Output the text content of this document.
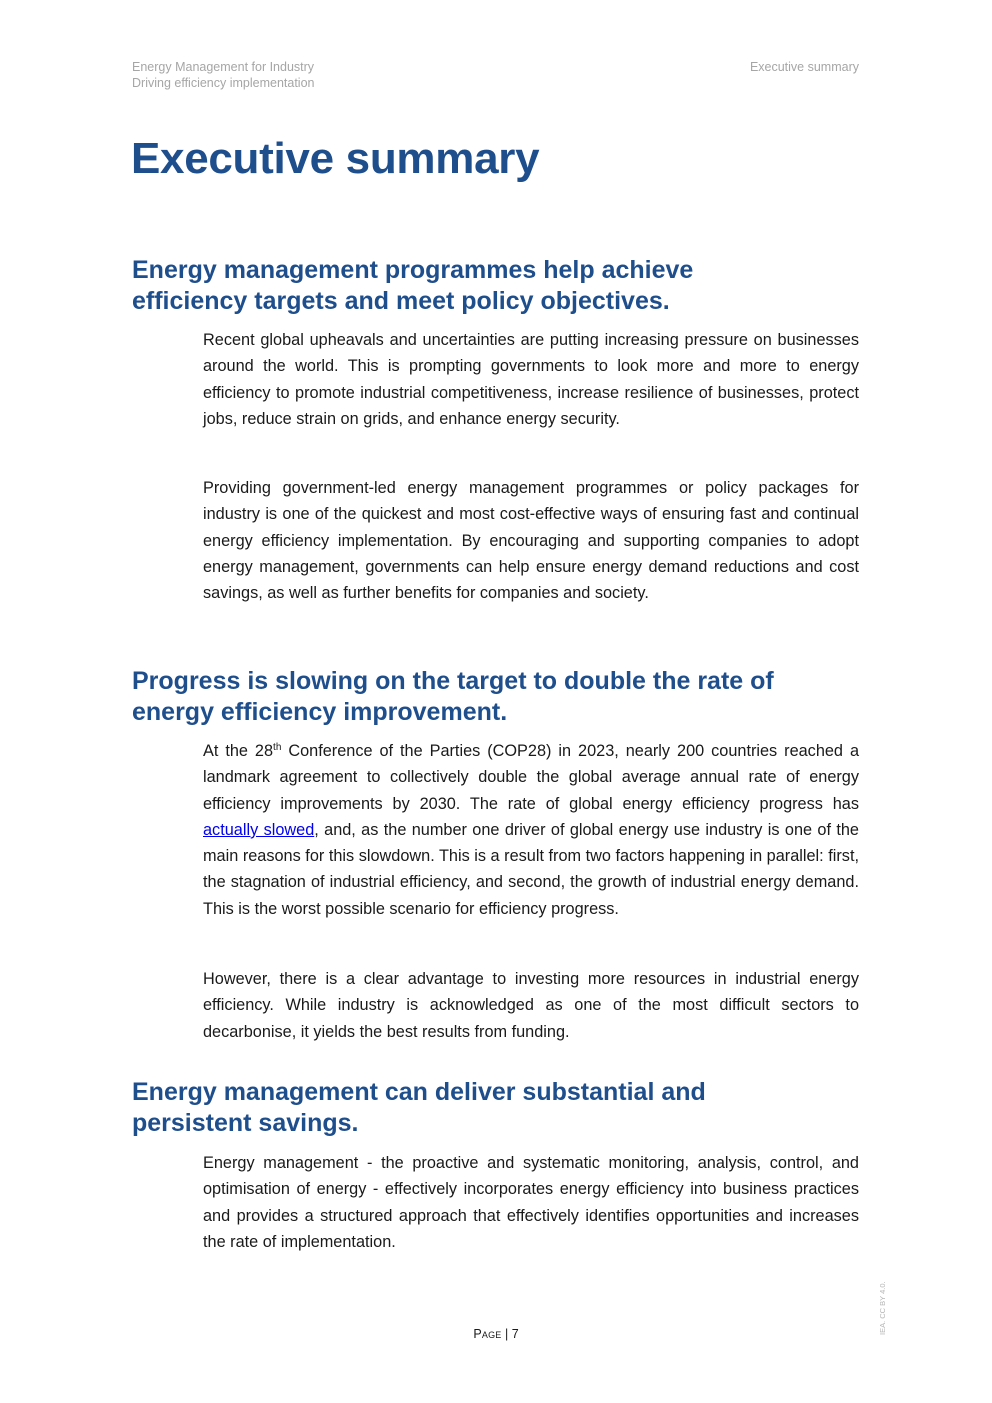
Energy Management for Industry
Driving efficiency implementation
Executive summary
Executive summary
Energy management programmes help achieve
efficiency targets and meet policy objectives.

Recent global upheavals and uncertainties are putting increasing pressure on businesses around the world. This is prompting governments to look more and more to energy efficiency to promote industrial competitiveness, increase resilience of businesses, protect jobs, reduce strain on grids, and enhance energy security.

Providing government-led energy management programmes or policy packages for industry is one of the quickest and most cost-effective ways of ensuring fast and continual energy efficiency implementation. By encouraging and supporting companies to adopt energy management, governments can help ensure energy demand reductions and cost savings, as well as further benefits for companies and society.

Progress is slowing on the target to double the rate of
energy efficiency improvement.

At the 28th Conference of the Parties (COP28) in 2023, nearly 200 countries reached a landmark agreement to collectively double the global average annual rate of energy efficiency improvements by 2030. The rate of global energy efficiency progress has actually slowed, and, as the number one driver of global energy use industry is one of the main reasons for this slowdown. This is a result from two factors happening in parallel: first, the stagnation of industrial efficiency, and second, the growth of industrial energy demand. This is the worst possible scenario for efficiency progress.

However, there is a clear advantage to investing more resources in industrial energy efficiency. While industry is acknowledged as one of the most difficult sectors to decarbonise, it yields the best results from funding.

Energy management can deliver substantial and
persistent savings.

Energy management - the proactive and systematic monitoring, analysis, control, and optimisation of energy - effectively incorporates energy efficiency into business practices and provides a structured approach that effectively identifies opportunities and increases the rate of implementation.

Page | 7	IEA. CC BY 4.0.
